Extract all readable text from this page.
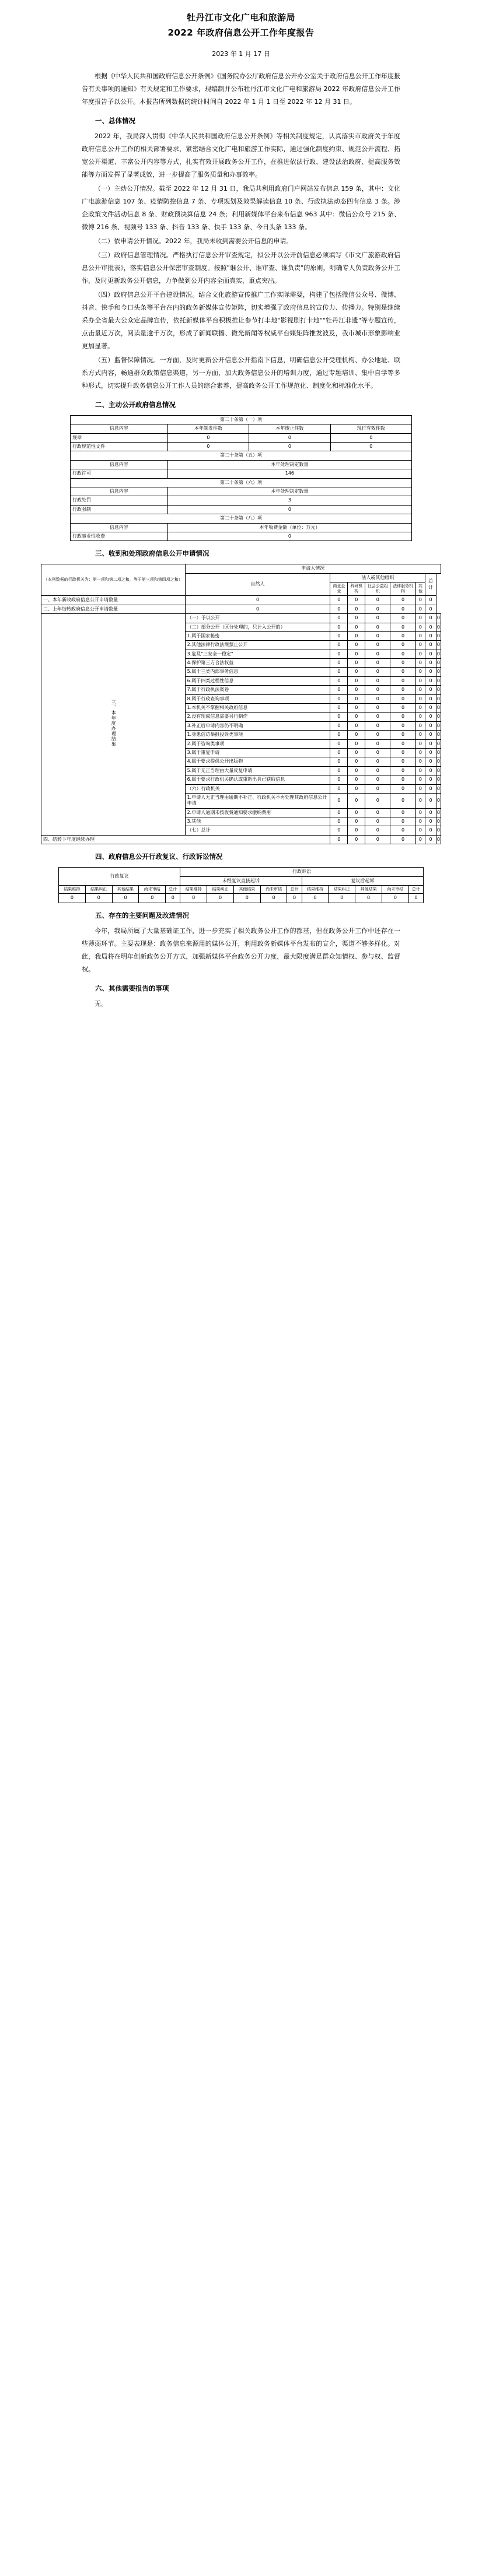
牡丹江市文化广电和旅游局
2022 年政府信息公开工作年度报告
2023 年 1 月 17 日

根据《中华人民共和国政府信息公开条例》《国务院办公厅政府信息公开办公室关于政府信息公开工作年度报告有关事项的通知》有关规定和工作要求，现编制并公布牡丹江市文化广电和旅游局 2022 年政府信息公开工作年度报告予以公开。本报告所列数据的统计时间自 2022 年 1 月 1 日至 2022 年 12 月 31 日。

一、总体情况

2022 年，我局深入贯彻《中华人民共和国政府信息公开条例》等相关制度规定，认真落实市政府关于年度政府信息公开工作的相关部署要求，紧密结合文化广电和旅游工作实际，通过强化制度约束、规范公开流程、拓宽公开渠道、丰富公开内容等方式，扎实有效开展政务公开工作，在推进依法行政、建设法治政府、提高服务效能等方面发挥了显著成效，进一步提高了服务质量和办事效率。

（一）主动公开情况。截至 2022 年 12 月 31 日，我局共利用政府门户网站发布信息 159 条，其中：文化广电旅游信息 107 条、疫情防控信息 7 条、专项规划及效果解读信息 10 条、行政执法动态四有信息 3 条。涉企政策文件活动信息 8 条、财政预决算信息 24 条；利用新媒体平台来布信息 963 其中：微信公众号 215 条、微博 216 条、视频号 133 条、抖音 133 条、快手 133 条、今日头条 133 条。

（二）依申请公开情况。2022 年，我局未收到需要公开信息的申请。

（三）政府信息管理情况。严格执行信息公开审查规定，拟公开以公开前信息必须填写《市文广旅游政府信息公开审批表》，落实信息公开保密审查制度。按照"谁公开、谁审查、谁负责"的原则，明确专人负责政务公开工作，及时更新政务公开信息，力争做到公开内容全面真实、重点突出。

（四）政府信息公开平台建设情况。结合文化旅游宣传推广工作实际需要，构建了包括微信公众号、微博、抖音、快手和今日头条等平台在内的政务新媒体宣传矩阵，切实增强了政府信息的宣传力、传播力。特别是继续采办全省最大公众定品牌宣传，依托新媒体平台积极推让参节打丰地"影视剧打卡地""牡丹江非遗"等专题宣传，点击量近万次，阅读量逾千万次，形成了新闻联播、微光新闻等权威平台媒矩阵推发波及，我市城市形象影响业更加显著。

（五）监督保障情况。一方面，及时更新公开信息公开指南下信息，明确信息公开受理机构、办公地址、联系方式内容，畅通群众政策信息渠道，另一方面，加大政务信息公开的培训力度，通过专题培训、集中自学等多种形式，切实提升政务信息公开工作人员的综合素养，提高政务公开工作规范化、制度化和标准化水平。

二、主动公开政府信息情况
第二十条第（一）项			
信息内容	本年制发件数	本年废止件数	现行有效件数
规章	0	0	0
行政规范性文件	0	0	0
第二十条第（五）项			
信息内容	本年处理决定数量		
行政许可	146		
第二十条第（六）项			
信息内容	本年处理决定数量		
行政处罚	3		
行政强制	0		
第二十条第（八）项			
信息内容	本年收费金额（单位：万元）		
行政事业性收费	0		
三、收到和处理政府信息公开申请情况
（本列数据的行政机关为：第一项和第二项之和，等于第三项和第四项之和）	申请人情况							
	自然人	法人或其他组织					总计	
		商业企业	科研机构	社会公益组织	法律服务机构	其他		
一、本年新收政府信息公开申请数量	0	0	0	0	0	0	0	
二、上年结转政府信息公开申请数量	0	0	0	0	0	0	0	
三、本年度办理结果								
	（一）予以公开	0	0	0	0	0	0	0
	（二）部分公开（区分处理的，只计入公开的）	0	0	0	0	0	0	0
	1.属于国家秘密	0	0	0	0	0	0	0
	2.其他法律行政法规禁止公开	0	0	0	0	0	0	0
	3.危及"三安全一稳定"	0	0	0	0	0	0	0
	4.保护第三方合法权益	0	0	0	0	0	0	0
	5.属于三类内部事务信息	0	0	0	0	0	0	0
	6.属于四类过程性信息	0	0	0	0	0	0	0
	7.属于行政执法案卷	0	0	0	0	0	0	0
	8.属于行政查询事项	0	0	0	0	0	0	0
	1.本机关不掌握相关政府信息	0	0	0	0	0	0	0
	2.没有现成信息需要另行制作	0	0	0	0	0	0	0
	3.补正后申请内容仍不明确	0	0	0	0	0	0	0
	1.身患信访举报投诉类事项	0	0	0	0	0	0	0
	2.属于咨询类事项	0	0	0	0	0	0	0
	3.属于重复申请	0	0	0	0	0	0	0
	4.属于要求提供公开出版物	0	0	0	0	0	0	0
	5.属于无正当理由大量反复申请	0	0	0	0	0	0	0
	6.属于要求行政机关确认或重新出具已获取信息	0	0	0	0	0	0	0
	（六）行政机关	0	0	0	0	0	0	0
	1.申请人无正当理由逾期不补正、行政机关不再处理其政府信息公开申请	0	0	0	0	0	0	0
	2.申请人逾期未按收费通知要求缴纳费用	0	0	0	0	0	0	0
	3.其他	0	0	0	0	0	0	0
	（七）总计	0	0	0	0	0	0	0
四、结转下年度继续办理		0	0	0	0	0	0	0
四、政府信息公开行政复议、行政诉讼情况
行政复议					行政诉讼									
					未经复议直接起诉					复议后起诉				
结果维持	结果纠正	其他结果	尚未审结	总计	结果维持	结果纠正	其他结果	尚未审结	总计	结果维持	结果纠正	其他结果	尚未审结	总计
0	0	0	0	0	0	0	0	0	0	0	0	0	0	0
五、存在的主要问题及改进情况

今年，我局所属了大量基础证工作，进一步充实了相关政务公开工作的都基，但在政务公开工作中还存在一些薄弱环节。主要表现是：政务信息来源用的媒体公开，利用政务新媒体平台发布的宣介，渠道不够多样化。对此，我局将在明年创新政务公开方式，加强新媒体平台政务公开力度，最大限度满足群众知情权、参与权、监督权。

六、其他需要报告的事项

无。
